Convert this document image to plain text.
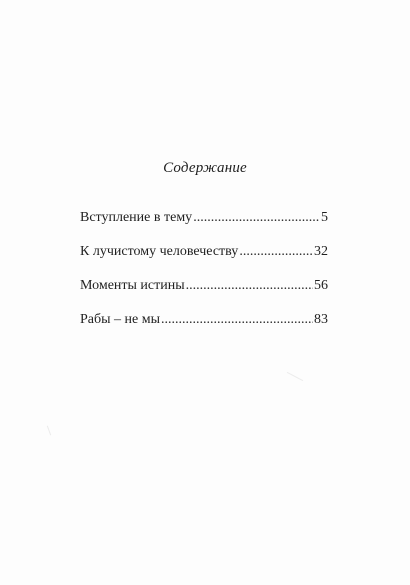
Содержание
Вступление в тему .....	5
К лучистому человечеству .....	32
Моменты истины .....	56
Рабы – не мы .....	83
